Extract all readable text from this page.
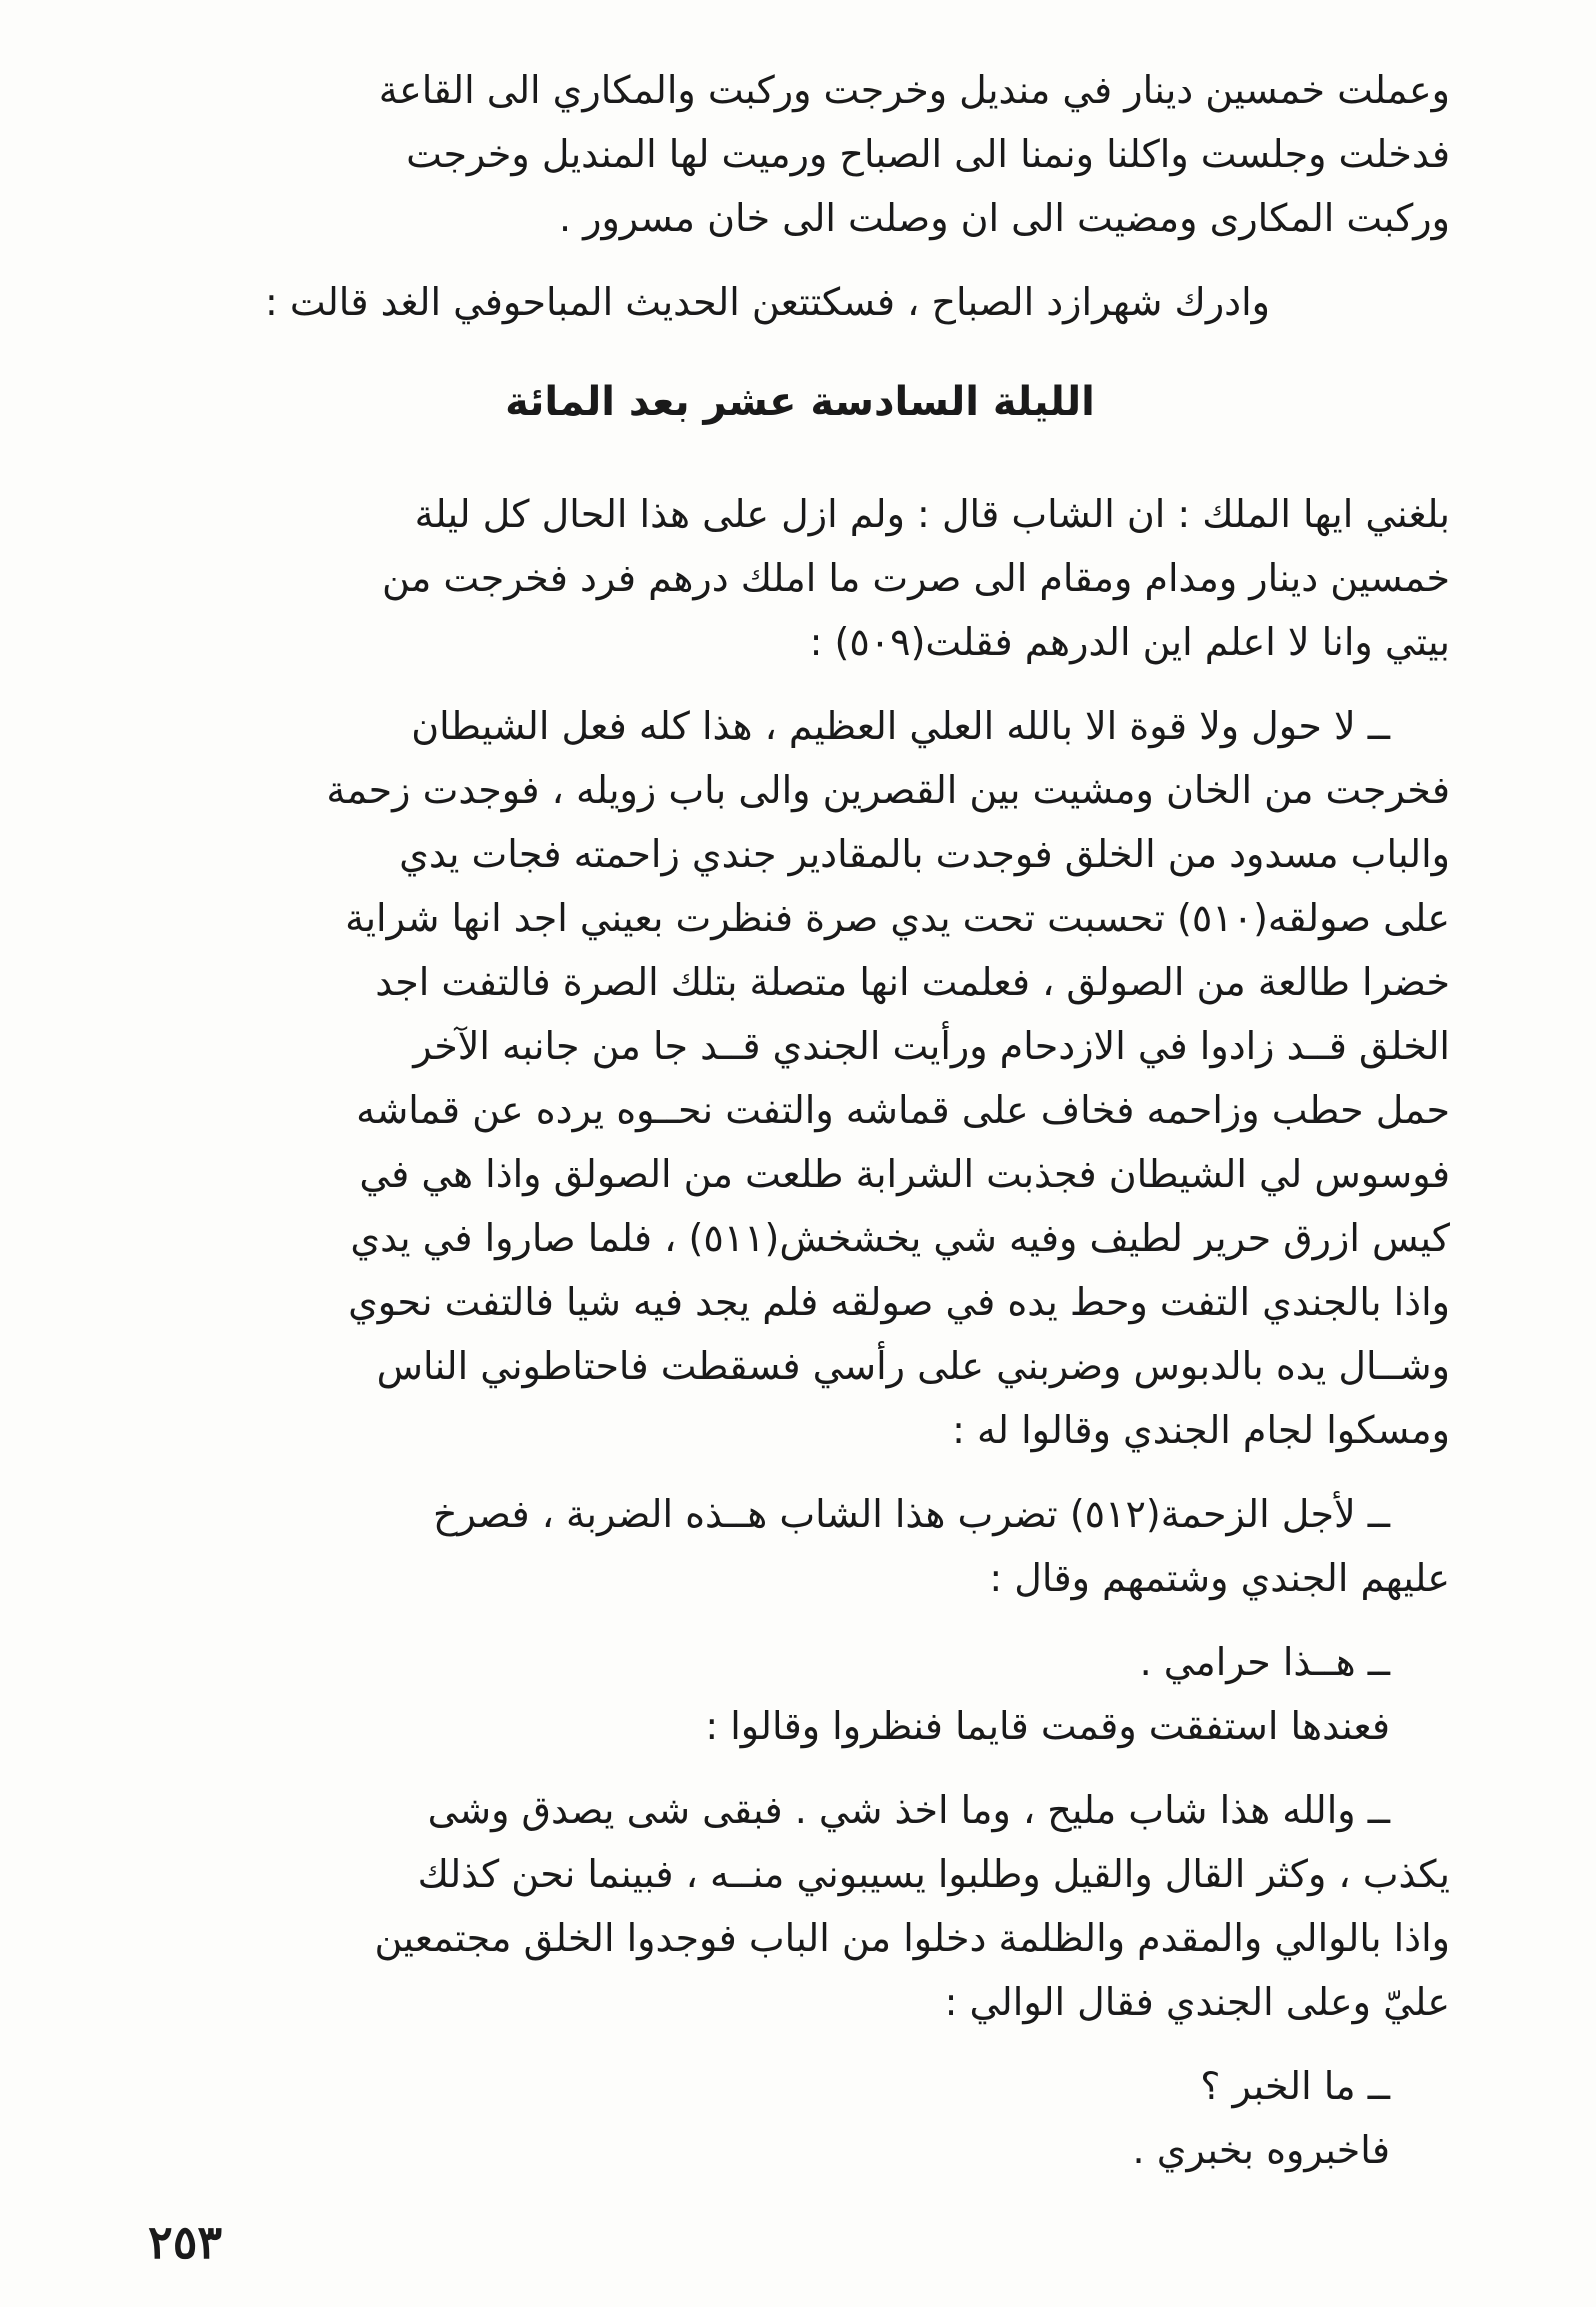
وعملت خمسين دينار في منديل وخرجت وركبت والمكاري الى القاعة
فدخلت وجلست واكلنا ونمنا الى الصباح ورميت لها المنديل وخرجت
وركبت المكارى ومضيت الى ان وصلت الى خان مسرور .
وادرك شهرازد الصباح ، فسكتتعن الحديث المباحوفي الغد قالت :
الليلة السادسة عشر بعد المائة
بلغني ايها الملك : ان الشاب قال : ولم ازل على هذا الحال كل ليلة
خمسين دينار ومدام ومقام الى صرت ما املك درهم فرد فخرجت من
بيتي وانا لا اعلم اين الدرهم فقلت(٥٠٩) :
ــ لا حول ولا قوة الا بالله العلي العظيم ، هذا كله فعل الشيطان
فخرجت من الخان ومشيت بين القصرين والى باب زويله ، فوجدت زحمة
والباب مسدود من الخلق فوجدت بالمقادير جندي زاحمته فجات يدي
على صولقه(٥١٠) تحسبت تحت يدي صرة فنظرت بعيني اجد انها شراية
خضرا طالعة من الصولق ، فعلمت انها متصلة بتلك الصرة فالتفت اجد
الخلق قــد زادوا في الازدحام ورأيت الجندي قــد جا من جانبه الآخر
حمل حطب وزاحمه فخاف على قماشه والتفت نحــوه يرده عن قماشه
فوسوس لي الشيطان فجذبت الشرابة طلعت من الصولق واذا هي في
كيس ازرق حرير لطيف وفيه شي يخشخش(٥١١) ، فلما صاروا في يدي
واذا بالجندي التفت وحط يده في صولقه فلم يجد فيه شيا فالتفت نحوي
وشــال يده بالدبوس وضربني على رأسي فسقطت فاحتاطوني الناس
ومسكوا لجام الجندي وقالوا له :
ــ لأجل الزحمة(٥١٢) تضرب هذا الشاب هــذه الضربة ، فصرخ
عليهم الجندي وشتمهم وقال :
ــ هــذا حرامي .
فعندها استفقت وقمت قايما فنظروا وقالوا :
ــ والله هذا شاب مليح ، وما اخذ شي . فبقى شى يصدق وشى
يكذب ، وكثر القال والقيل وطلبوا يسيبوني منــه ، فبينما نحن كذلك
واذا بالوالي والمقدم والظلمة دخلوا من الباب فوجدوا الخلق مجتمعين
عليّ وعلى الجندي فقال الوالي :
ــ ما الخبر ؟
فاخبروه بخبري .
٢٥٣
